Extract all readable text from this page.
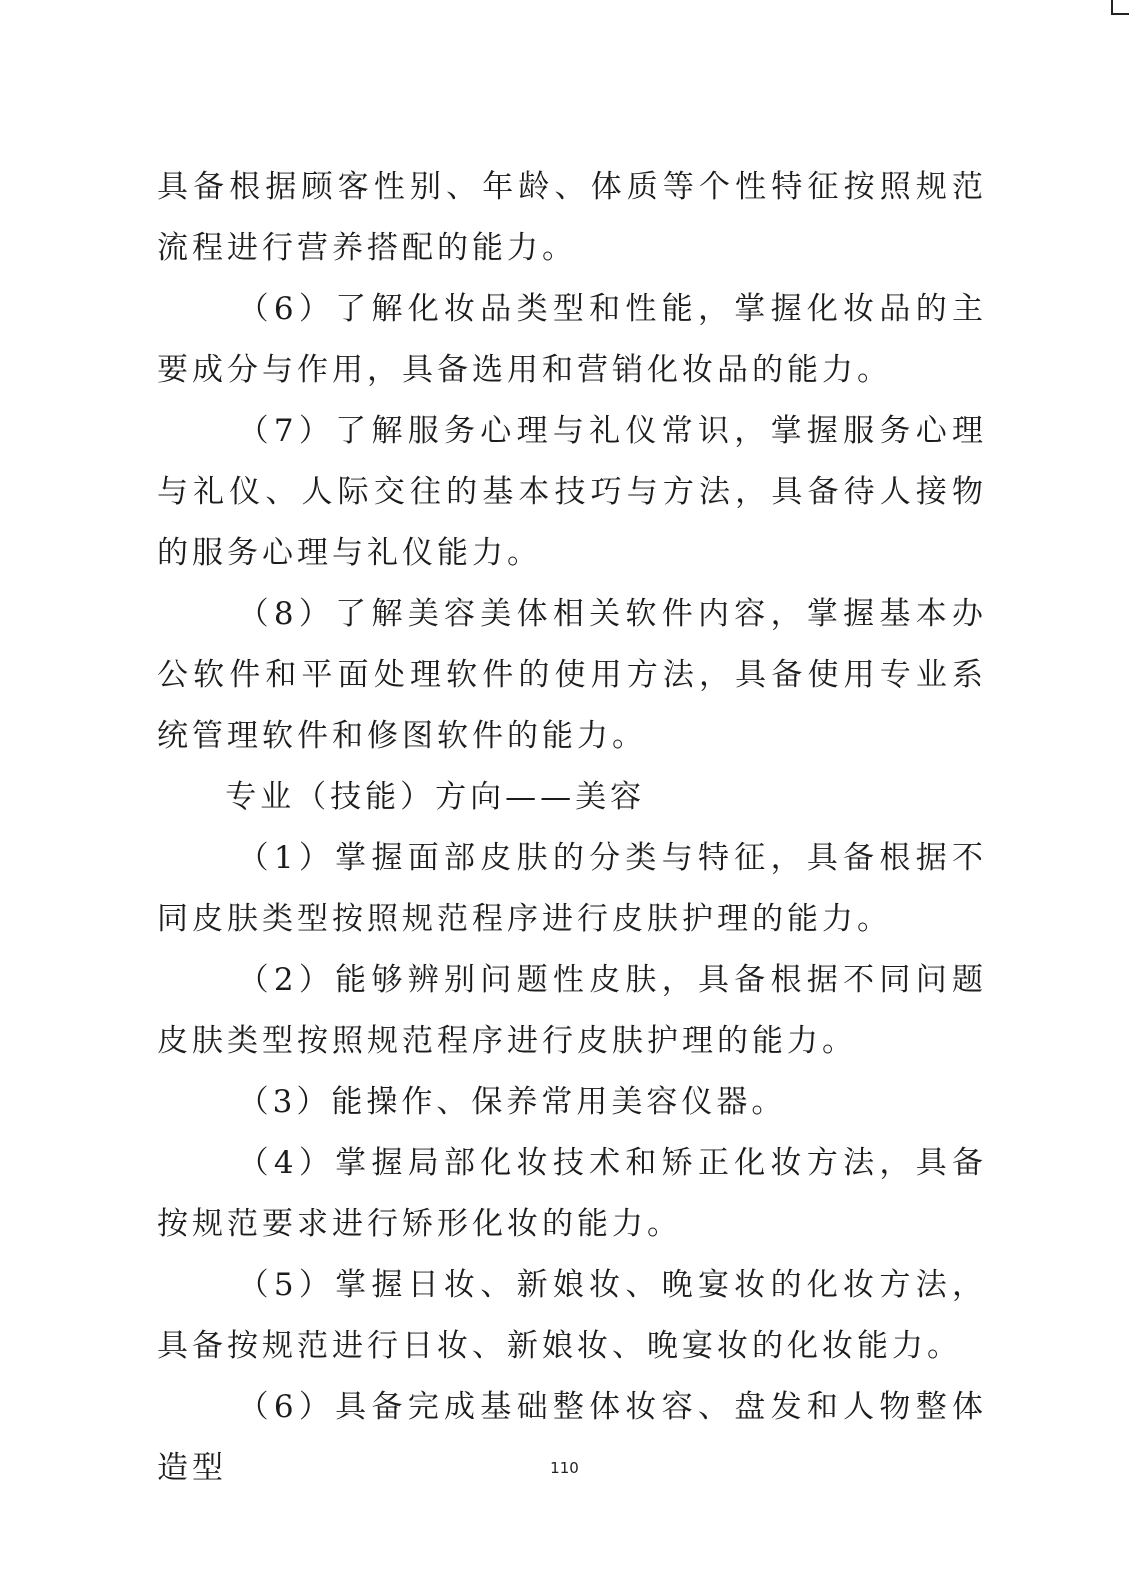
具备根据顾客性别、年龄、体质等个性特征按照规范流程进行营养搭配的能力。

（6）了解化妆品类型和性能，掌握化妆品的主要成分与作用，具备选用和营销化妆品的能力。

（7）了解服务心理与礼仪常识，掌握服务心理与礼仪、人际交往的基本技巧与方法，具备待人接物的服务心理与礼仪能力。

（8）了解美容美体相关软件内容，掌握基本办公软件和平面处理软件的使用方法，具备使用专业系统管理软件和修图软件的能力。

专业（技能）方向——美容

（1）掌握面部皮肤的分类与特征，具备根据不同皮肤类型按照规范程序进行皮肤护理的能力。

（2）能够辨别问题性皮肤，具备根据不同问题皮肤类型按照规范程序进行皮肤护理的能力。

（3）能操作、保养常用美容仪器。

（4）掌握局部化妆技术和矫正化妆方法，具备按规范要求进行矫形化妆的能力。

（5）掌握日妆、新娘妆、晚宴妆的化妆方法，具备按规范进行日妆、新娘妆、晚宴妆的化妆能力。

（6）具备完成基础整体妆容、盘发和人物整体造型	110
